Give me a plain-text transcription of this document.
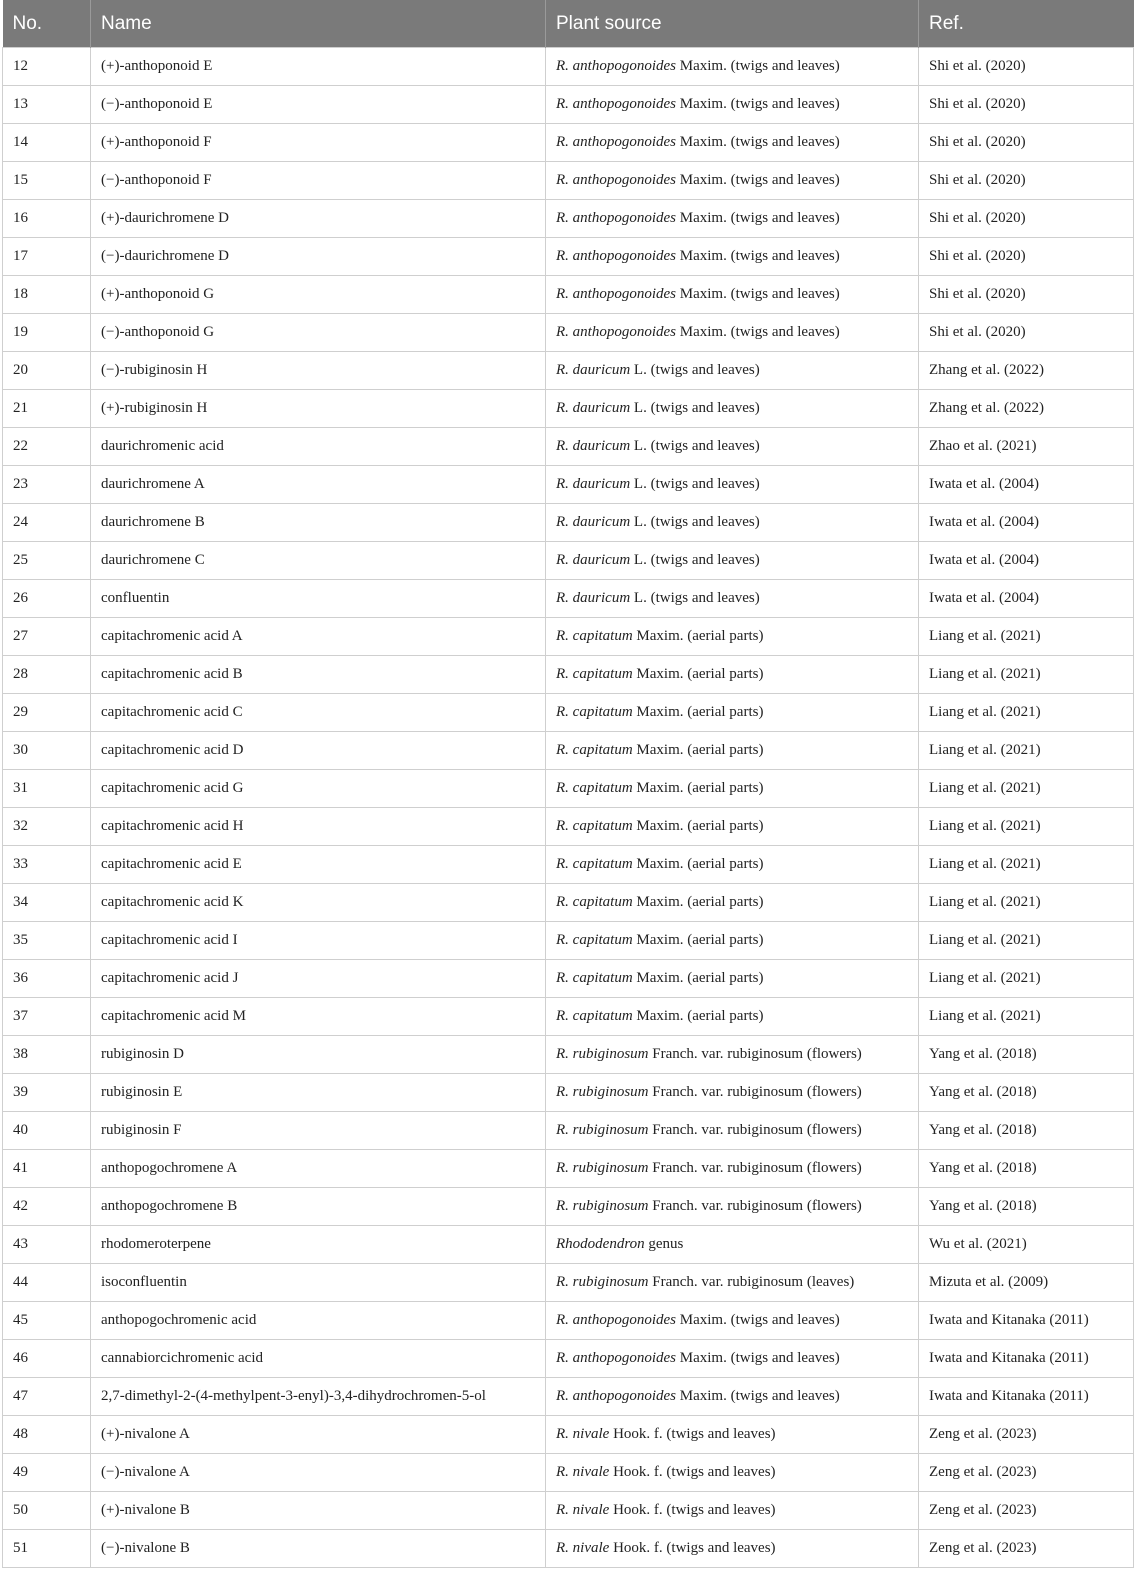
No.	Name	Plant source	Ref.
12	(+)-anthoponoid E	R. anthopogonoides Maxim. (twigs and leaves)	Shi et al. (2020)
13	(−)-anthoponoid E	R. anthopogonoides Maxim. (twigs and leaves)	Shi et al. (2020)
14	(+)-anthoponoid F	R. anthopogonoides Maxim. (twigs and leaves)	Shi et al. (2020)
15	(−)-anthoponoid F	R. anthopogonoides Maxim. (twigs and leaves)	Shi et al. (2020)
16	(+)-daurichromene D	R. anthopogonoides Maxim. (twigs and leaves)	Shi et al. (2020)
17	(−)-daurichromene D	R. anthopogonoides Maxim. (twigs and leaves)	Shi et al. (2020)
18	(+)-anthoponoid G	R. anthopogonoides Maxim. (twigs and leaves)	Shi et al. (2020)
19	(−)-anthoponoid G	R. anthopogonoides Maxim. (twigs and leaves)	Shi et al. (2020)
20	(−)-rubiginosin H	R. dauricum L. (twigs and leaves)	Zhang et al. (2022)
21	(+)-rubiginosin H	R. dauricum L. (twigs and leaves)	Zhang et al. (2022)
22	daurichromenic acid	R. dauricum L. (twigs and leaves)	Zhao et al. (2021)
23	daurichromene A	R. dauricum L. (twigs and leaves)	Iwata et al. (2004)
24	daurichromene B	R. dauricum L. (twigs and leaves)	Iwata et al. (2004)
25	daurichromene C	R. dauricum L. (twigs and leaves)	Iwata et al. (2004)
26	confluentin	R. dauricum L. (twigs and leaves)	Iwata et al. (2004)
27	capitachromenic acid A	R. capitatum Maxim. (aerial parts)	Liang et al. (2021)
28	capitachromenic acid B	R. capitatum Maxim. (aerial parts)	Liang et al. (2021)
29	capitachromenic acid C	R. capitatum Maxim. (aerial parts)	Liang et al. (2021)
30	capitachromenic acid D	R. capitatum Maxim. (aerial parts)	Liang et al. (2021)
31	capitachromenic acid G	R. capitatum Maxim. (aerial parts)	Liang et al. (2021)
32	capitachromenic acid H	R. capitatum Maxim. (aerial parts)	Liang et al. (2021)
33	capitachromenic acid E	R. capitatum Maxim. (aerial parts)	Liang et al. (2021)
34	capitachromenic acid K	R. capitatum Maxim. (aerial parts)	Liang et al. (2021)
35	capitachromenic acid I	R. capitatum Maxim. (aerial parts)	Liang et al. (2021)
36	capitachromenic acid J	R. capitatum Maxim. (aerial parts)	Liang et al. (2021)
37	capitachromenic acid M	R. capitatum Maxim. (aerial parts)	Liang et al. (2021)
38	rubiginosin D	R. rubiginosum Franch. var. rubiginosum (flowers)	Yang et al. (2018)
39	rubiginosin E	R. rubiginosum Franch. var. rubiginosum (flowers)	Yang et al. (2018)
40	rubiginosin F	R. rubiginosum Franch. var. rubiginosum (flowers)	Yang et al. (2018)
41	anthopogochromene A	R. rubiginosum Franch. var. rubiginosum (flowers)	Yang et al. (2018)
42	anthopogochromene B	R. rubiginosum Franch. var. rubiginosum (flowers)	Yang et al. (2018)
43	rhodomeroterpene	Rhododendron genus	Wu et al. (2021)
44	isoconfluentin	R. rubiginosum Franch. var. rubiginosum (leaves)	Mizuta et al. (2009)
45	anthopogochromenic acid	R. anthopogonoides Maxim. (twigs and leaves)	Iwata and Kitanaka (2011)
46	cannabiorcichromenic acid	R. anthopogonoides Maxim. (twigs and leaves)	Iwata and Kitanaka (2011)
47	2,7-dimethyl-2-(4-methylpent-3-enyl)-3,4-dihydrochromen-5-ol	R. anthopogonoides Maxim. (twigs and leaves)	Iwata and Kitanaka (2011)
48	(+)-nivalone A	R. nivale Hook. f. (twigs and leaves)	Zeng et al. (2023)
49	(−)-nivalone A	R. nivale Hook. f. (twigs and leaves)	Zeng et al. (2023)
50	(+)-nivalone B	R. nivale Hook. f. (twigs and leaves)	Zeng et al. (2023)
51	(−)-nivalone B	R. nivale Hook. f. (twigs and leaves)	Zeng et al. (2023)
